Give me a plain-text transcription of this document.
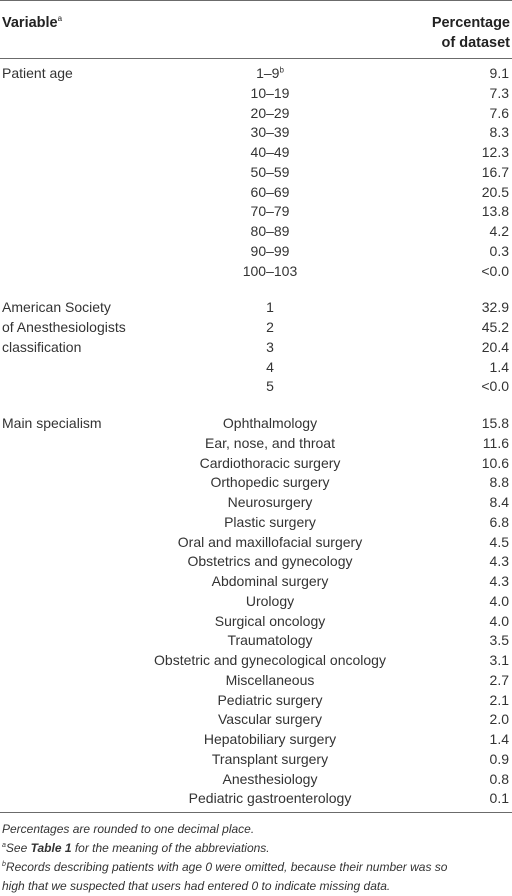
Variable$^a$	Percentage
of dataset
Patient age	1–9$^b$	9.1
10–19	7.3
20–29	7.6
30–39	8.3
40–49	12.3
50–59	16.7
60–69	20.5
70–79	13.8
80–89	4.2
90–99	0.3
100–103	<0.0
American Society
of Anesthesiologists
classification
1	32.9
2	45.2
3	20.4
4	1.4
5	<0.0
Main specialism	Ophthalmology	15.8
Ear, nose, and throat	11.6
Cardiothoracic surgery	10.6
Orthopedic surgery	8.8
Neurosurgery	8.4
Plastic surgery	6.8
Oral and maxillofacial surgery	4.5
Obstetrics and gynecology	4.3
Abdominal surgery	4.3
Urology	4.0
Surgical oncology	4.0
Traumatology	3.5
Obstetric and gynecological oncology	3.1
Miscellaneous	2.7
Pediatric surgery	2.1
Vascular surgery	2.0
Hepatobiliary surgery	1.4
Transplant surgery	0.9
Anesthesiology	0.8
Pediatric gastroenterology	0.1
Percentages are rounded to one decimal place.
$^a$See Table 1 for the meaning of the abbreviations.
$^b$Records describing patients with age 0 were omitted, because their number was so
high that we suspected that users had entered 0 to indicate missing data.
